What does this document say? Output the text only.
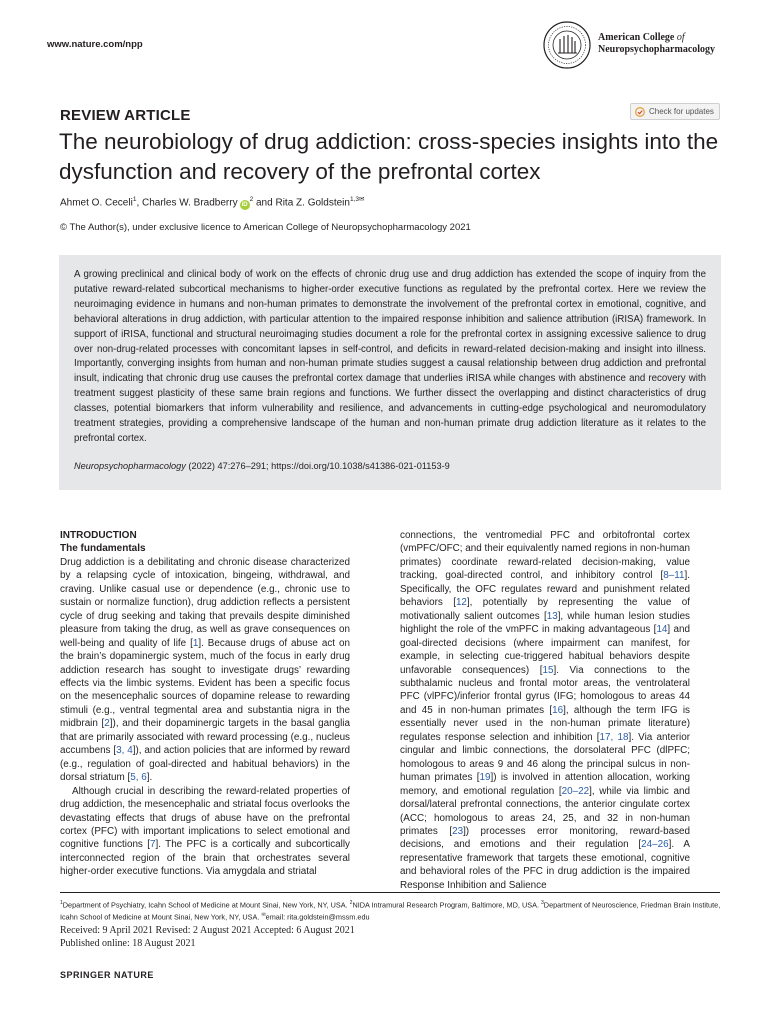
www.nature.com/npp
American College of
Neuropsychopharmacology
REVIEW ARTICLE	Check for updates
The neurobiology of drug addiction: cross-species insights into the dysfunction and recovery of the prefrontal cortex
Ahmet O. Ceceli$^1$, Charles W. Bradberry $iD^2$ and Rita Z. Goldstein$^{1,3✉}$
© The Author(s), under exclusive licence to American College of Neuropsychopharmacology 2021
A growing preclinical and clinical body of work on the effects of chronic drug use and drug addiction has extended the scope of inquiry from the putative reward-related subcortical mechanisms to higher-order executive functions as regulated by the prefrontal cortex. Here we review the neuroimaging evidence in humans and non-human primates to demonstrate the involvement of the prefrontal cortex in emotional, cognitive, and behavioral alterations in drug addiction, with particular attention to the impaired response inhibition and salience attribution (iRISA) framework. In support of iRISA, functional and structural neuroimaging studies document a role for the prefrontal cortex in assigning excessive salience to drug over non-drug-related processes with concomitant lapses in self-control, and deficits in reward-related decision-making and insight into illness. Importantly, converging insights from human and non-human primate studies suggest a causal relationship between drug addiction and prefrontal insult, indicating that chronic drug use causes the prefrontal cortex damage that underlies iRISA while changes with abstinence and recovery with treatment suggest plasticity of these same brain regions and functions. We further dissect the overlapping and distinct characteristics of drug classes, potential biomarkers that inform vulnerability and resilience, and advancements in cutting-edge psychological and neuromodulatory treatment strategies, providing a comprehensive landscape of the human and non-human primate drug addiction literature as it relates to the prefrontal cortex.
Neuropsychopharmacology (2022) 47:276–291; https://doi.org/10.1038/s41386-021-01153-9
INTRODUCTION
The fundamentals

Drug addiction is a debilitating and chronic disease characterized by a relapsing cycle of intoxication, bingeing, withdrawal, and craving. Unlike casual use or dependence (e.g., chronic use to sustain or normalize function), drug addiction reflects a persistent cycle of drug seeking and taking that prevails despite diminished pleasure from taking the drug, as well as grave consequences on well-being and quality of life [1]. Because drugs of abuse act on the brain’s dopaminergic system, much of the focus in early drug addiction research has sought to investigate drugs’ rewarding effects via the limbic systems. Evident has been a specific focus on the mesencephalic sources of dopamine release to rewarding stimuli (e.g., ventral tegmental area and substantia nigra in the midbrain [2]), and their dopaminergic targets in the basal ganglia that are primarily associated with reward processing (e.g., nucleus accumbens [3, 4]), and action policies that are informed by reward (e.g., regulation of goal-directed and habitual behaviors) in the dorsal striatum [5, 6].

Although crucial in describing the reward-related properties of drug addiction, the mesencephalic and striatal focus overlooks the devastating effects that drugs of abuse have on the prefrontal cortex (PFC) with important implications to select emotional and cognitive functions [7]. The PFC is a cortically and subcortically interconnected region of the brain that orchestrates several higher-order executive functions. Via amygdala and striatal

connections, the ventromedial PFC and orbitofrontal cortex (vmPFC/OFC; and their equivalently named regions in non-human primates) coordinate reward-related decision-making, value tracking, goal-directed control, and inhibitory control [8–11]. Specifically, the OFC regulates reward and punishment related behaviors [12], potentially by representing the value of motivationally salient outcomes [13], while human lesion studies highlight the role of the vmPFC in making advantageous [14] and goal-directed decisions (where impairment can manifest, for example, in selecting cue-triggered habitual behaviors despite unfavorable consequences) [15]. Via connections to the subthalamic nucleus and frontal motor areas, the ventrolateral PFC (vlPFC)/inferior frontal gyrus (IFG; homologous to areas 44 and 45 in non-human primates [16], although the term IFG is essentially never used in the non-human primate literature) regulates response selection and inhibition [17, 18]. Via anterior cingular and limbic connections, the dorsolateral PFC (dlPFC; homologous to areas 9 and 46 along the principal sulcus in non-human primates [19]) is involved in attention allocation, working memory, and emotional regulation [20–22], while via limbic and dorsal/lateral prefrontal connections, the anterior cingulate cortex (ACC; homologous to areas 24, 25, and 32 in non-human primates [23]) processes error monitoring, reward-based decisions, and emotions and their regulation [24–26]. A representative framework that targets these emotional, cognitive and behavioral roles of the PFC in drug addiction is the impaired Response Inhibition and Salience

$^1$Department of Psychiatry, Icahn School of Medicine at Mount Sinai, New York, NY, USA. $^2$NIDA Intramural Research Program, Baltimore, MD, USA. $^3$Department of Neuroscience, Friedman Brain Institute, Icahn School of Medicine at Mount Sinai, New York, NY, USA. ✉email: rita.goldstein@mssm.edu
Received: 9 April 2021 Revised: 2 August 2021 Accepted: 6 August 2021
Published online: 18 August 2021
SPRINGER NATURE
